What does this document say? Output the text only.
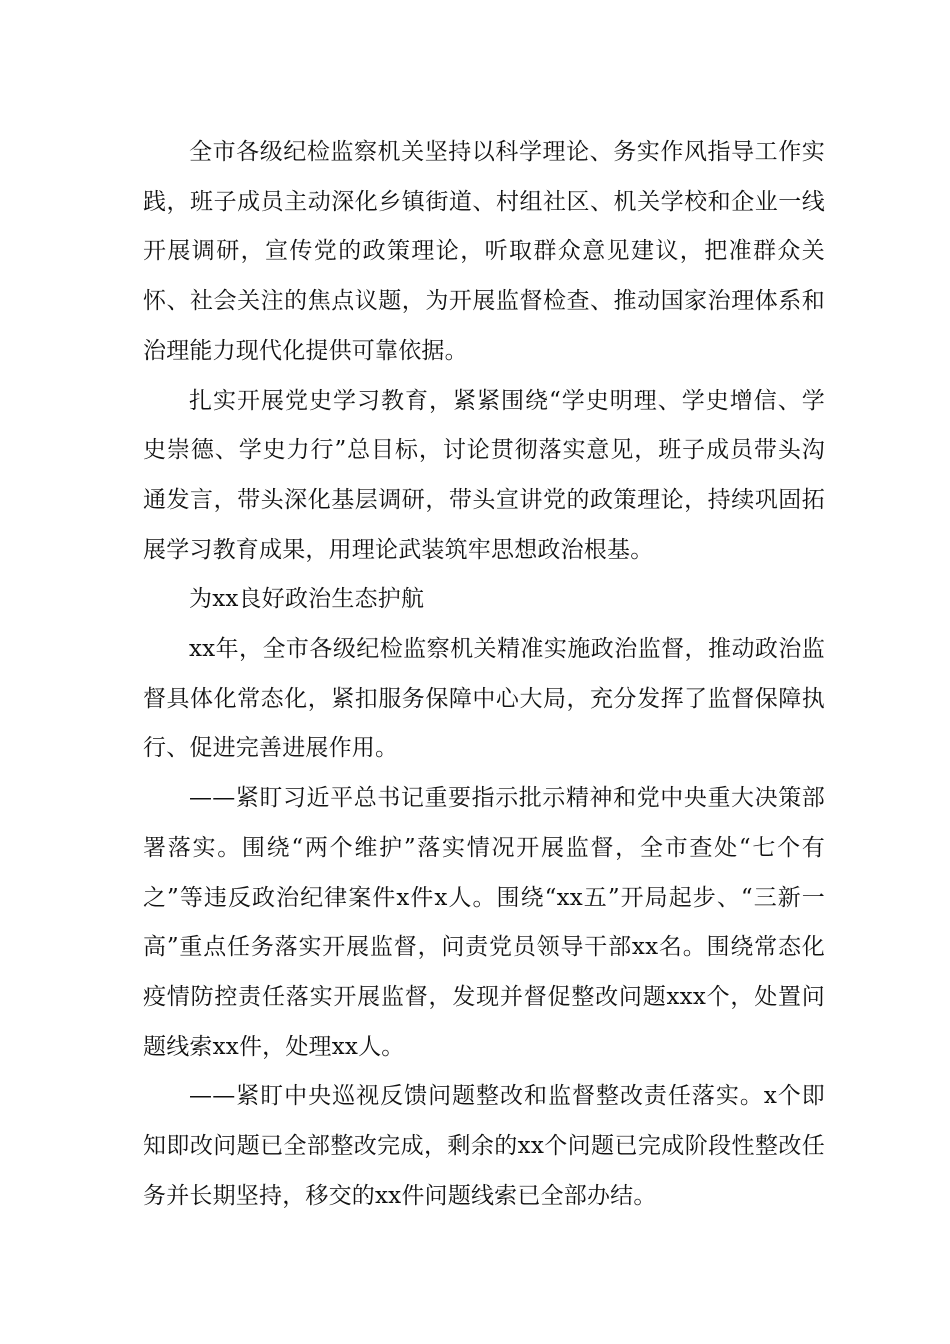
全市各级纪检监察机关坚持以科学理论、务实作风指导工作实践，班子成员主动深化乡镇街道、村组社区、机关学校和企业一线开展调研，宣传党的政策理论，听取群众意见建议，把准群众关怀、社会关注的焦点议题，为开展监督检查、推动国家治理体系和治理能力现代化提供可靠依据。

扎实开展党史学习教育，紧紧围绕“学史明理、学史增信、学史崇德、学史力行”总目标，讨论贯彻落实意见，班子成员带头沟通发言，带头深化基层调研，带头宣讲党的政策理论，持续巩固拓展学习教育成果，用理论武装筑牢思想政治根基。

为xx良好政治生态护航

xx年，全市各级纪检监察机关精准实施政治监督，推动政治监督具体化常态化，紧扣服务保障中心大局，充分发挥了监督保障执行、促进完善进展作用。

——紧盯习近平总书记重要指示批示精神和党中央重大决策部署落实。围绕“两个维护”落实情况开展监督，全市查处“七个有之”等违反政治纪律案件x件x人。围绕“xx五”开局起步、“三新一高”重点任务落实开展监督，问责党员领导干部xx名。围绕常态化疫情防控责任落实开展监督，发现并督促整改问题xxx个，处置问题线索xx件，处理xx人。

——紧盯中央巡视反馈问题整改和监督整改责任落实。x个即知即改问题已全部整改完成，剩余的xx个问题已完成阶段性整改任务并长期坚持，移交的xx件问题线索已全部办结。
